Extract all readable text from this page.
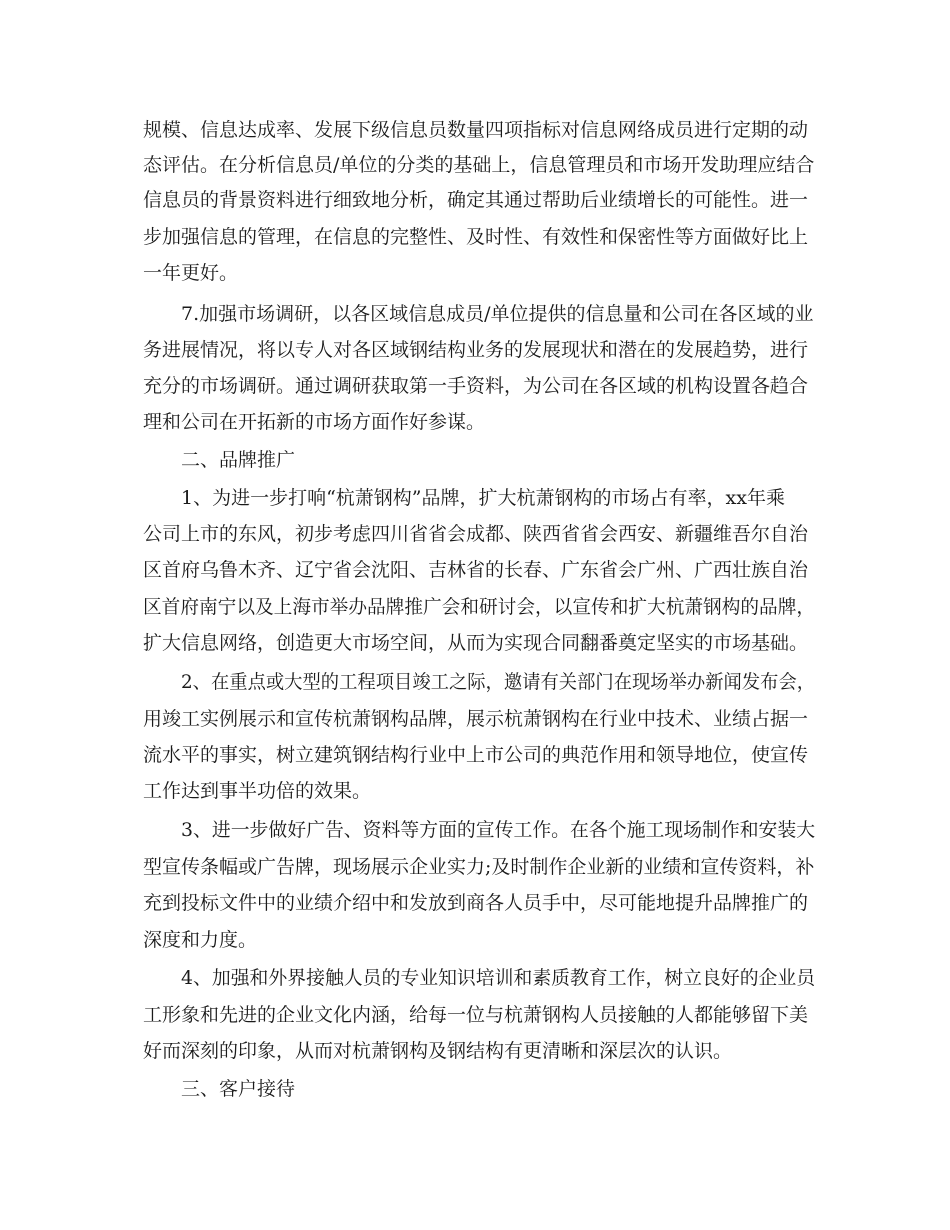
规模、信息达成率、发展下级信息员数量四项指标对信息网络成员进行定期的动
态评估。在分析信息员/单位的分类的基础上，信息管理员和市场开发助理应结合
信息员的背景资料进行细致地分析，确定其通过帮助后业绩增长的可能性。进一
步加强信息的管理，在信息的完整性、及时性、有效性和保密性等方面做好比上
一年更好。
7.加强市场调研，以各区域信息成员/单位提供的信息量和公司在各区域的业
务进展情况，将以专人对各区域钢结构业务的发展现状和潜在的发展趋势，进行
充分的市场调研。通过调研获取第一手资料，为公司在各区域的机构设置各趋合
理和公司在开拓新的市场方面作好参谋。
二、品牌推广
1、为进一步打响“杭萧钢构”品牌，扩大杭萧钢构的市场占有率，xx年乘
公司上市的东风，初步考虑四川省省会成都、陕西省省会西安、新疆维吾尔自治
区首府乌鲁木齐、辽宁省会沈阳、吉林省的长春、广东省会广州、广西壮族自治
区首府南宁以及上海市举办品牌推广会和研讨会，以宣传和扩大杭萧钢构的品牌，
扩大信息网络，创造更大市场空间，从而为实现合同翻番奠定坚实的市场基础。
2、在重点或大型的工程项目竣工之际，邀请有关部门在现场举办新闻发布会，
用竣工实例展示和宣传杭萧钢构品牌，展示杭萧钢构在行业中技术、业绩占据一
流水平的事实，树立建筑钢结构行业中上市公司的典范作用和领导地位，使宣传
工作达到事半功倍的效果。
3、进一步做好广告、资料等方面的宣传工作。在各个施工现场制作和安装大
型宣传条幅或广告牌，现场展示企业实力;及时制作企业新的业绩和宣传资料，补
充到投标文件中的业绩介绍中和发放到商各人员手中，尽可能地提升品牌推广的
深度和力度。
4、加强和外界接触人员的专业知识培训和素质教育工作，树立良好的企业员
工形象和先进的企业文化内涵，给每一位与杭萧钢构人员接触的人都能够留下美
好而深刻的印象，从而对杭萧钢构及钢结构有更清晰和深层次的认识。
三、客户接待
